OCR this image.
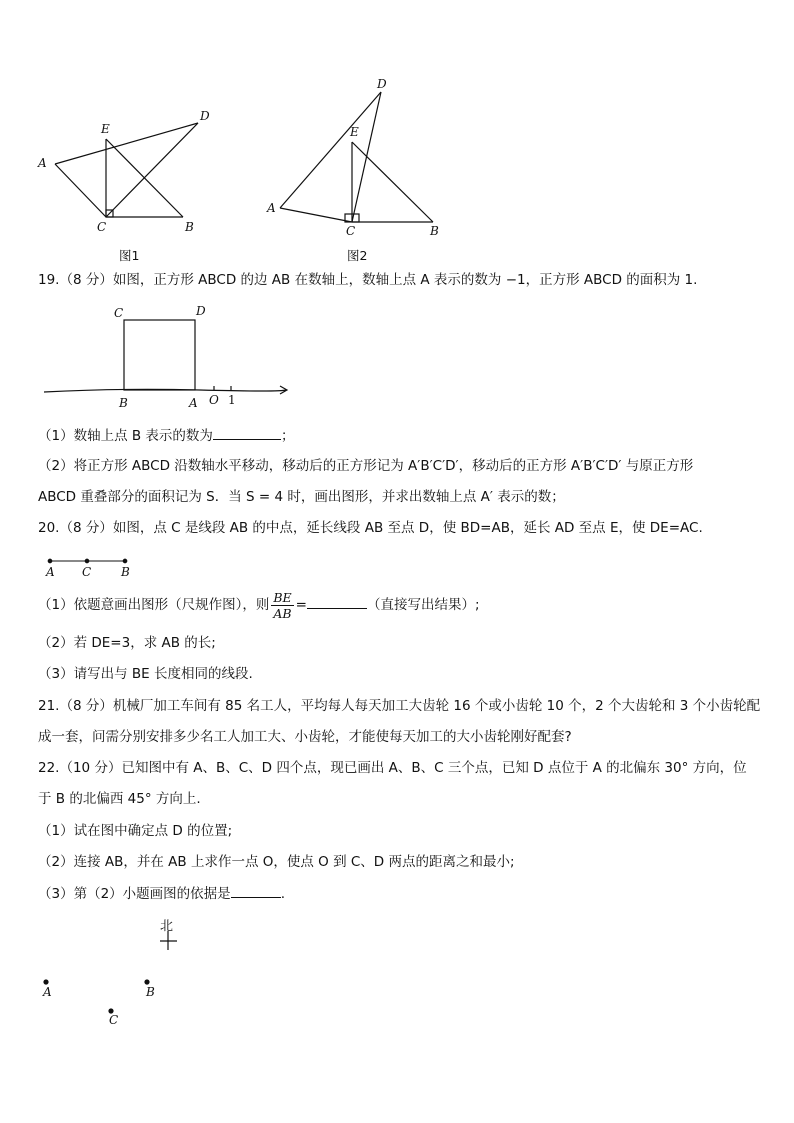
A
D
E
C	B
图1
D
E
A
C	B
图2
19.（8 分）如图，正方形 ABCD 的边 AB 在数轴上，数轴上点 A 表示的数为 −1，正方形 ABCD 的面积为 1.
C	D
B	A O 1
（1）数轴上点 B 表示的数为	；
（2）将正方形 ABCD 沿数轴水平移动，移动后的正方形记为 A′B′C′D′，移动后的正方形 A′B′C′D′ 与原正方形
ABCD 重叠部分的面积记为 S．当 S = 4 时，画出图形，并求出数轴上点 A′ 表示的数；
20.（8 分）如图，点 C 是线段 AB 的中点，延长线段 AB 至点 D，使 BD=AB，延长 AD 至点 E，使 DE=AC.
A C B
（1）依题意画出图形（尺规作图），则 $\frac{BE}{AB}$ =	（直接写出结果）;
（2）若 DE=3，求 AB 的长;
（3）请写出与 BE 长度相同的线段.
21.（8 分）机械厂加工车间有 85 名工人，平均每人每天加工大齿轮 16 个或小齿轮 10 个，2 个大齿轮和 3 个小齿轮配
成一套，问需分别安排多少名工人加工大、小齿轮，才能使每天加工的大小齿轮刚好配套?
22.（10 分）已知图中有 A、B、C、D 四个点，现已画出 A、B、C 三个点，已知 D 点位于 A 的北偏东 30° 方向，位
于 B 的北偏西 45° 方向上.
（1）试在图中确定点 D 的位置;
（2）连接 AB，并在 AB 上求作一点 O，使点 O 到 C、D 两点的距离之和最小;
（3）第（2）小题画图的依据是	.
北
A	B
C
